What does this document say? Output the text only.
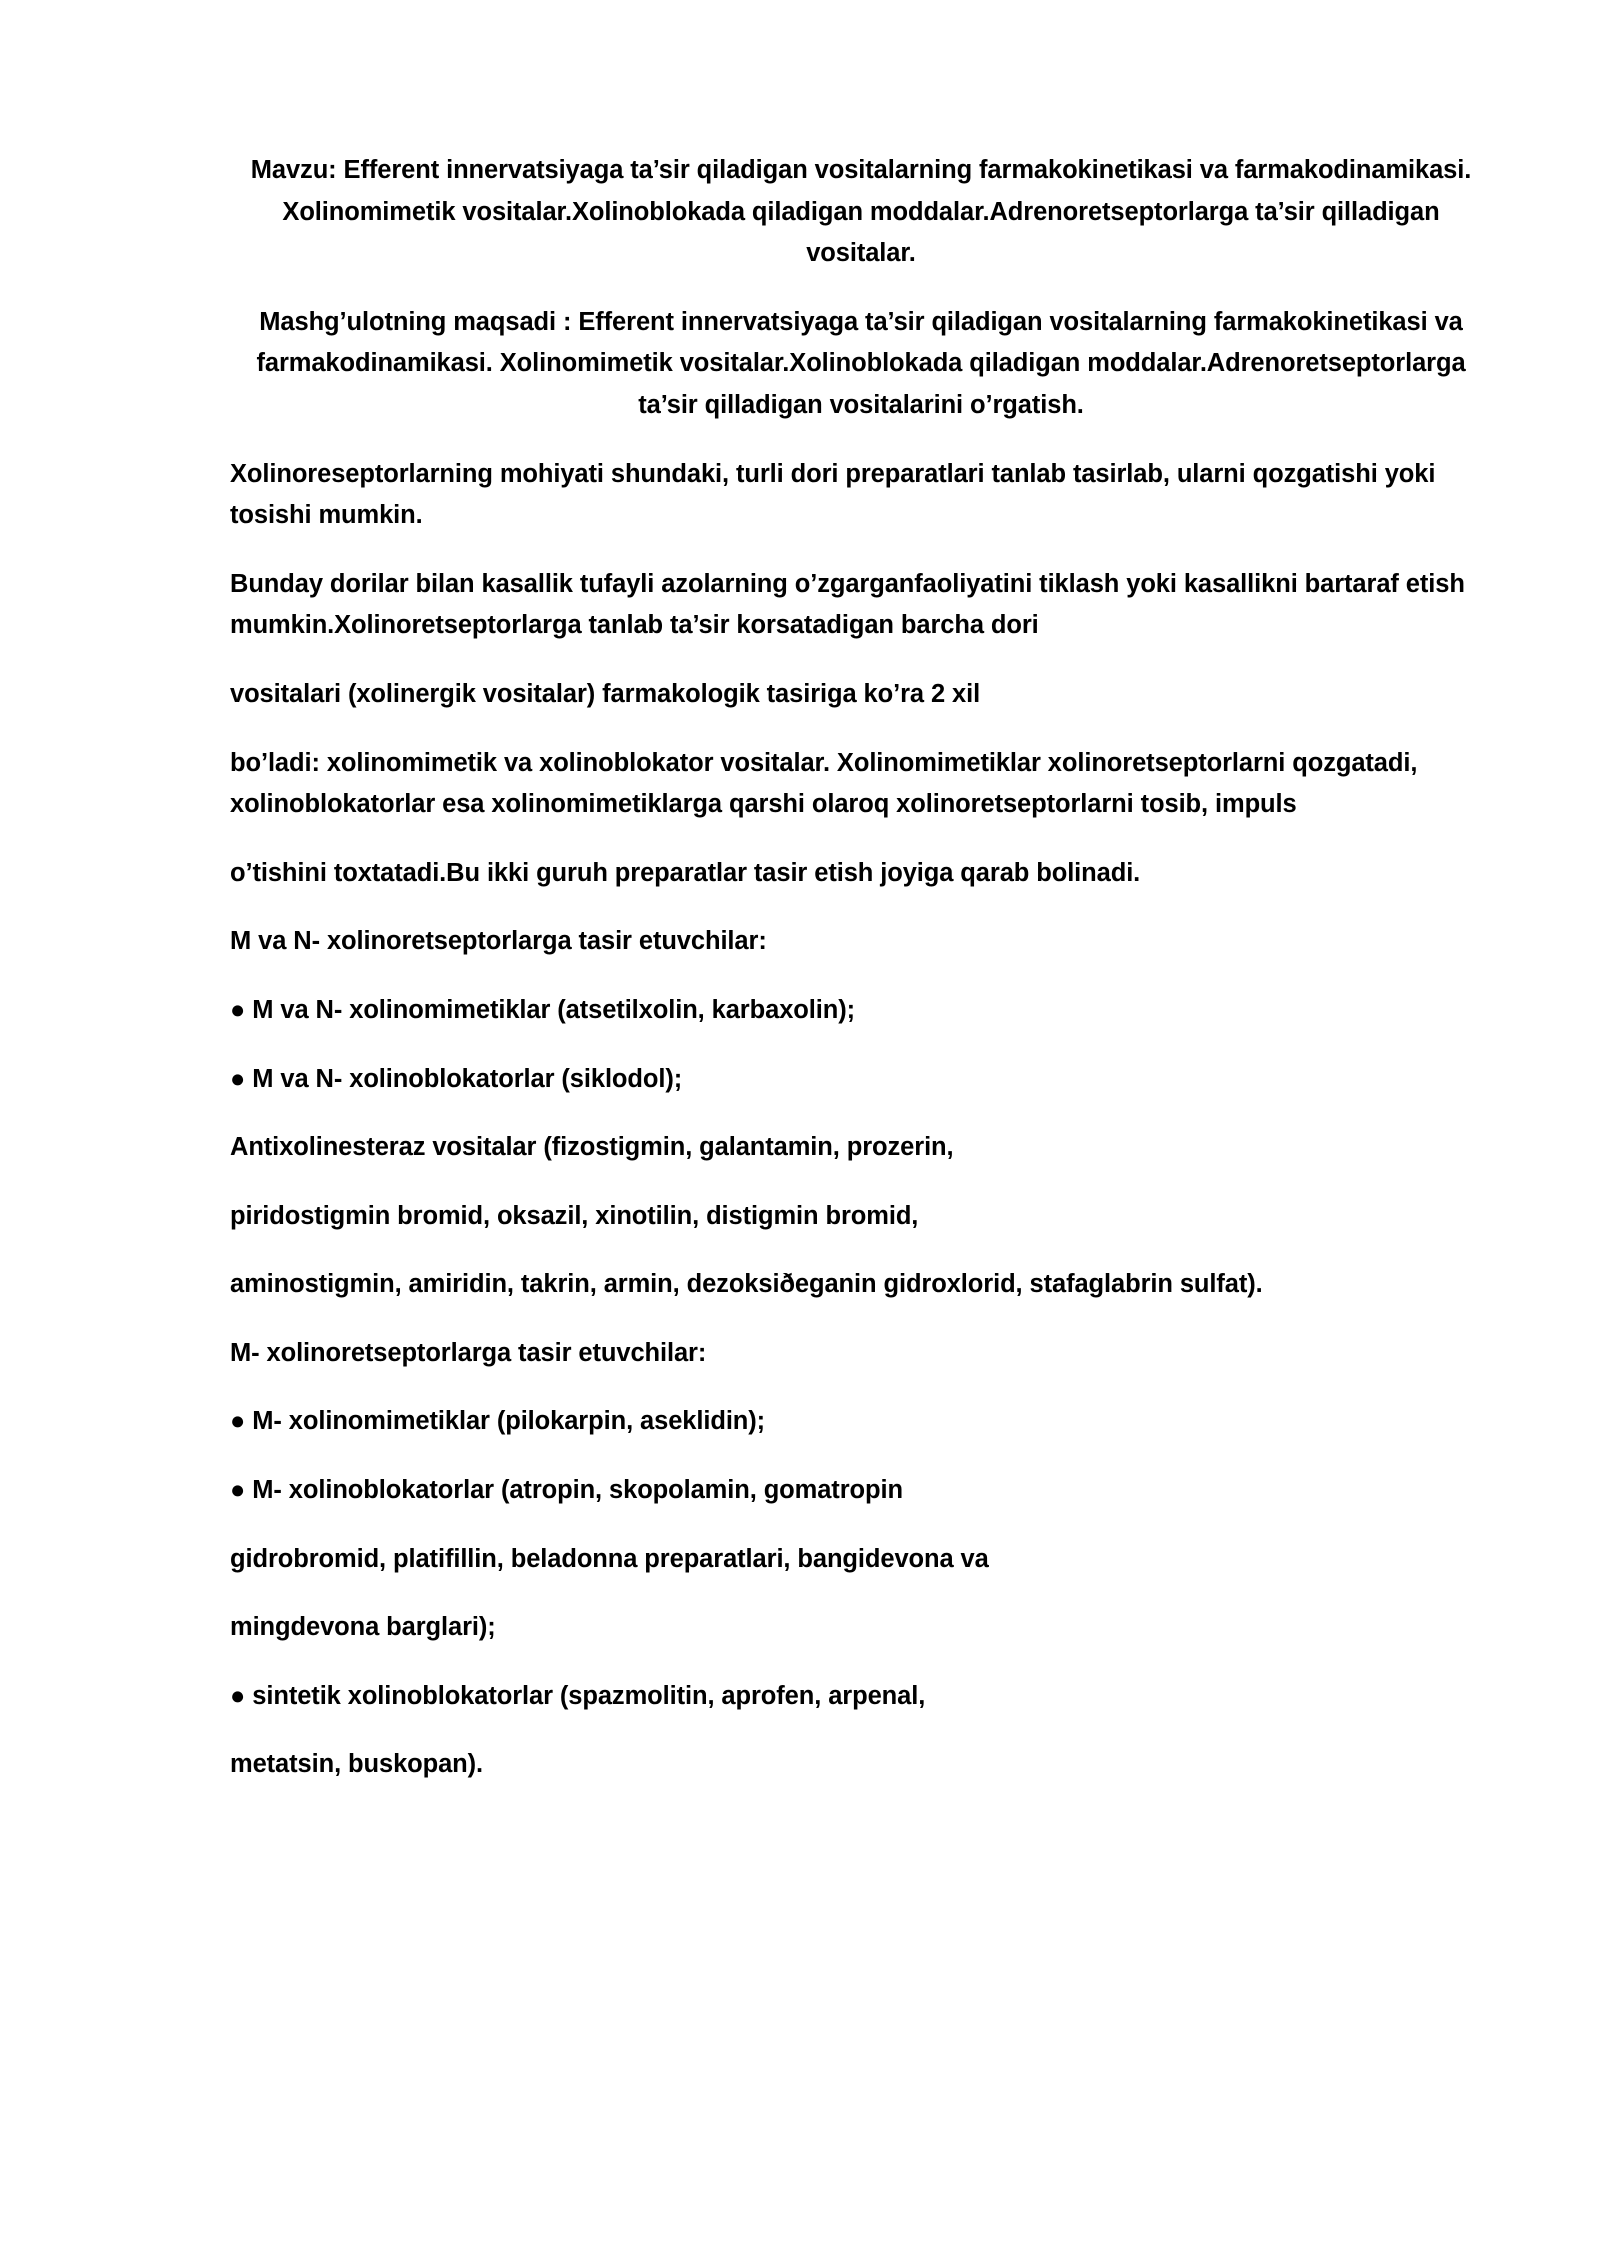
Mavzu: Efferent innervatsiyaga ta’sir qiladigan vositalarning farmakokinetikasi va farmakodinamikasi. Xolinomimetik vositalar.Xolinoblokada qiladigan moddalar.Adrenoretseptorlarga ta’sir qilladigan vositalar.

Mashg’ulotning maqsadi : Efferent innervatsiyaga ta’sir qiladigan vositalarning farmakokinetikasi va farmakodinamikasi. Xolinomimetik vositalar.Xolinoblokada qiladigan moddalar.Adrenoretseptorlarga ta’sir qilladigan vositalarini o’rgatish.

Xolinoreseptorlarning mohiyati shundaki, turli dori preparatlari tanlab tasirlab, ularni qozgatishi yoki tosishi mumkin.

Bunday dorilar bilan kasallik tufayli azolarning o’zgarganfaoliyatini tiklash yoki kasallikni bartaraf etish mumkin.Xolinoretseptorlarga tanlab ta’sir korsatadigan barcha dori

vositalari (xolinergik vositalar) farmakologik tasiriga ko’ra 2 xil

bo’ladi: xolinomimetik va xolinoblokator vositalar. Xolinomimetiklar xolinoretseptorlarni qozgatadi, xolinoblokatorlar esa xolinomimetiklarga qarshi olaroq xolinoretseptorlarni tosib, impuls

o’tishini toxtatadi.Bu ikki guruh preparatlar tasir etish joyiga qarab bolinadi.

M va N- xolinoretseptorlarga tasir etuvchilar:

● M va N- xolinomimetiklar (atsetilxolin, karbaxolin);

● M va N- xolinoblokatorlar (siklodol);

Antixolinesteraz vositalar (fizostigmin, galantamin, prozerin,

piridostigmin bromid, oksazil, xinotilin, distigmin bromid,

aminostigmin, amiridin, takrin, armin, dezoksiðeganin gidroxlorid, stafaglabrin sulfat).

M- xolinoretseptorlarga tasir etuvchilar:

● M- xolinomimetiklar (pilokarpin, aseklidin);

● M- xolinoblokatorlar (atropin, skopolamin, gomatropin

gidrobromid, platifillin, beladonna preparatlari, bangidevona va

mingdevona barglari);

● sintetik xolinoblokatorlar (spazmolitin, aprofen, arpenal,

metatsin, buskopan).
